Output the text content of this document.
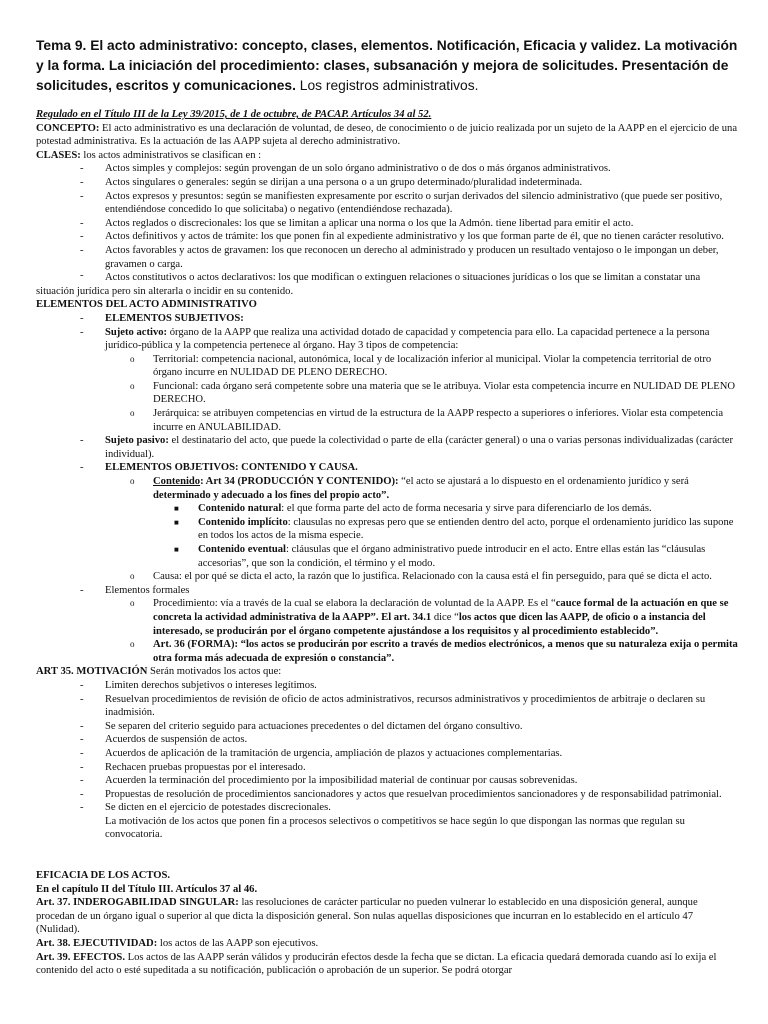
Tema 9. El acto administrativo: concepto, clases, elementos. Notificación, Eficacia y validez. La motivación y la forma. La iniciación del procedimiento: clases, subsanación y mejora de solicitudes. Presentación de solicitudes, escritos y comunicaciones. Los registros administrativos.

Regulado en el Título III de la Ley 39/2015, de 1 de octubre, de PACAP. Artículos 34 al 52.

CONCEPTO: El acto administrativo es una declaración de voluntad, de deseo, de conocimiento o de juicio realizada por un sujeto de la AAPP en el ejercicio de una potestad administrativa. Es la actuación de las AAPP sujeta al derecho administrativo.

CLASES: los actos administrativos se clasifican en :

- Actos simples y complejos: según provengan de un solo órgano administrativo o de dos o más órganos administrativos.
- Actos singulares o generales: según se dirijan a una persona o a un grupo determinado/pluralidad indeterminada.
- Actos expresos y presuntos: según se manifiesten expresamente por escrito o surjan derivados del silencio administrativo (que puede ser positivo, entendiéndose concedido lo que solicitaba) o negativo (entendiéndose rechazada).
- Actos reglados o discrecionales: los que se limitan a aplicar una norma o los que la Admón. tiene libertad para emitir el acto.
- Actos definitivos y actos de trámite: los que ponen fin al expediente administrativo y los que forman parte de él, que no tienen carácter resolutivo.
- Actos favorables y actos de gravamen: los que reconocen un derecho al administrado y producen un resultado ventajoso o le impongan un deber, gravamen o carga.

- Actos constitutivos o actos declarativos: los que modifican o extinguen relaciones o situaciones jurídicas o los que se limitan a constatar una situación jurídica pero sin alterarla o incidir en su contenido.

ELEMENTOS DEL ACTO ADMINISTRATIVO

- ELEMENTOS SUBJETIVOS:
- Sujeto activo: órgano de la AAPP que realiza una actividad dotado de capacidad y competencia para ello. La capacidad pertenece a la persona jurídico-pública y la competencia pertenece al órgano. Hay 3 tipos de competencia:
o Territorial: competencia nacional, autonómica, local y de localización inferior al municipal. Violar la competencia territorial de otro órgano incurre en NULIDAD DE PLENO DERECHO.
o Funcional: cada órgano será competente sobre una materia que se le atribuya. Violar esta competencia incurre en NULIDAD DE PLENO DERECHO.
o Jerárquica: se atribuyen competencias en virtud de la estructura de la AAPP respecto a superiores o inferiores. Violar esta competencia incurre en ANULABILIDAD.
- Sujeto pasivo: el destinatario del acto, que puede la colectividad o parte de ella (carácter general) o una o varias personas individualizadas (carácter individual).
- ELEMENTOS OBJETIVOS: CONTENIDO Y CAUSA.
o Contenido: Art 34 (PRODUCCIÓN Y CONTENIDO): “el acto se ajustará a lo dispuesto en el ordenamiento jurídico y será determinado y adecuado a los fines del propio acto”.
■ Contenido natural: el que forma parte del acto de forma necesaria y sirve para diferenciarlo de los demás.
■ Contenido implícito: clausulas no expresas pero que se entienden dentro del acto, porque el ordenamiento jurídico las supone en todos los actos de la misma especie.
■ Contenido eventual: cláusulas que el órgano administrativo puede introducir en el acto. Entre ellas están las “cláusulas accesorias”, que son la condición, el término y el modo.
o Causa: el por qué se dicta el acto, la razón que lo justifica. Relacionado con la causa está el fin perseguido, para qué se dicta el acto.
- Elementos formales
o Procedimiento: vía a través de la cual se elabora la declaración de voluntad de la AAPP. Es el “cauce formal de la actuación en que se concreta la actividad administrativa de la AAPP”. El art. 34.1 dice “los actos que dicen las AAPP, de oficio o a instancia del interesado, se producirán por el órgano competente ajustándose a los requisitos y al procedimiento establecido”.
o Art. 36 (FORMA): “los actos se producirán por escrito a través de medios electrónicos, a menos que su naturaleza exija o permita otra forma más adecuada de expresión o constancia”.

ART 35. MOTIVACIÓN Serán motivados los actos que:

- Limiten derechos subjetivos o intereses legítimos.
- Resuelvan procedimientos de revisión de oficio de actos administrativos, recursos administrativos y procedimientos de arbitraje o declaren su inadmisión.
- Se separen del criterio seguido para actuaciones precedentes o del dictamen del órgano consultivo.
- Acuerdos de suspensión de actos.
- Acuerdos de aplicación de la tramitación de urgencia, ampliación de plazos y actuaciones complementarias.
- Rechacen pruebas propuestas por el interesado.
- Acuerden la terminación del procedimiento por la imposibilidad material de continuar por causas sobrevenidas.
- Propuestas de resolución de procedimientos sancionadores y actos que resuelvan procedimientos sancionadores y de responsabilidad patrimonial.
- Se dicten en el ejercicio de potestades discrecionales.

La motivación de los actos que ponen fin a procesos selectivos o competitivos se hace según lo que dispongan las normas que regulan su convocatoria.

EFICACIA DE LOS ACTOS.

En el capítulo II del Título III. Artículos 37 al 46.

Art. 37. INDEROGABILIDAD SINGULAR: las resoluciones de carácter particular no pueden vulnerar lo establecido en una disposición general, aunque procedan de un órgano igual o superior al que dicta la disposición general. Son nulas aquellas disposiciones que incurran en lo establecido en el artículo 47 (Nulidad).

Art. 38. EJECUTIVIDAD: los actos de las AAPP son ejecutivos.

Art. 39. EFECTOS. Los actos de las AAPP serán válidos y producirán efectos desde la fecha que se dictan. La eficacia quedará demorada cuando así lo exija el contenido del acto o esté supeditada a su notificación, publicación o aprobación de un superior. Se podrá otorgar
